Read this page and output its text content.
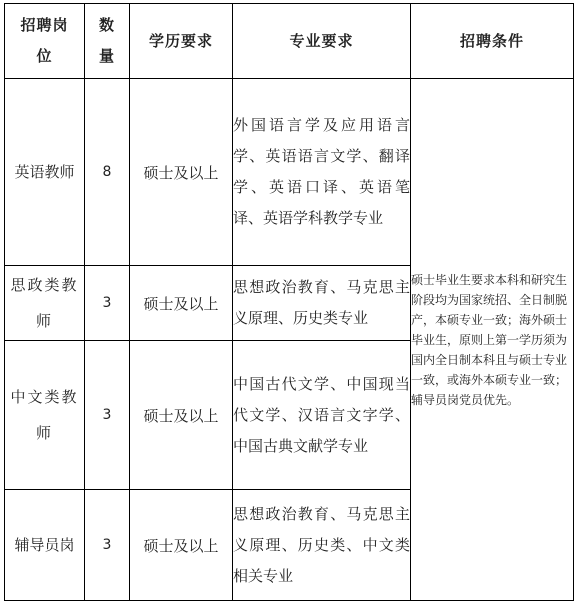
招聘岗位	数量	学历要求	专业要求	招聘条件
英语教师	8	硕士及以上	外国语言学及应用语言学、英语语言文学、翻译学、英语口译、英语笔译、英语学科教学专业	硕士毕业生要求本科和研究生阶段均为国家统招、全日制脱产，本硕专业一致；海外硕士毕业生，原则上第一学历须为国内全日制本科且与硕士专业一致，或海外本硕专业一致；辅导员岗党员优先。
思政类教师	3	硕士及以上	思想政治教育、马克思主义原理、历史类专业	
中文类教师	3	硕士及以上	中国古代文学、中国现当代文学、汉语言文字学、中国古典文献学专业	
辅导员岗	3	硕士及以上	思想政治教育、马克思主义原理、历史类、中文类相关专业	
